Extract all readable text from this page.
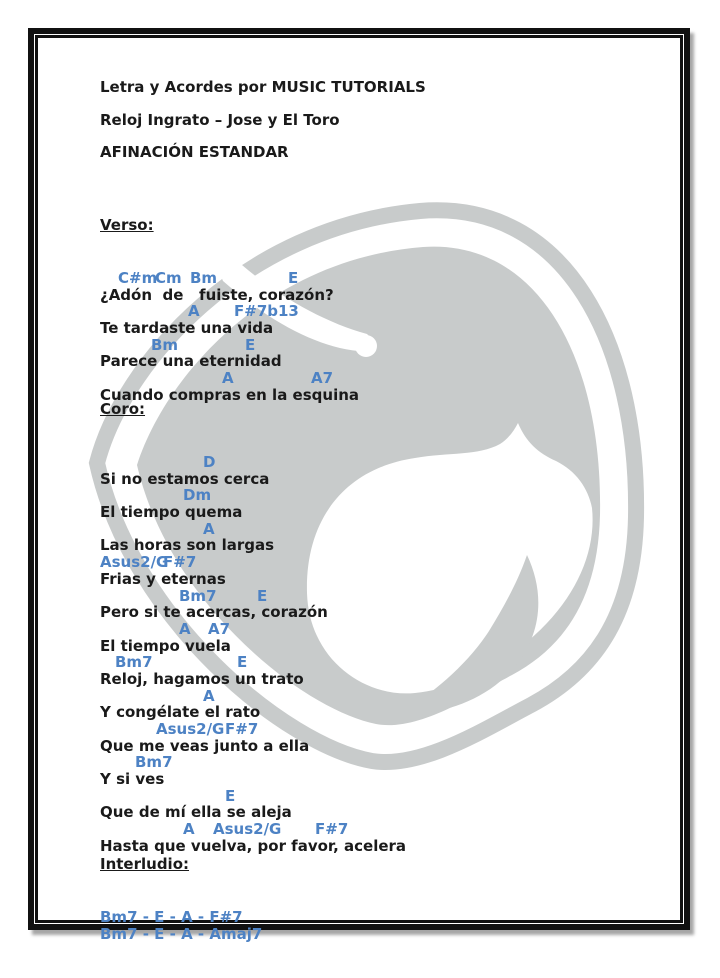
Letra y Acordes por MUSIC TUTORIALS
Reloj Ingrato – Jose y El Toro
AFINACIÓN ESTANDAR

Verso:

C#m
Cm Bm	E
¿Adón  de   fuiste, corazón?
A F#7b13
Te tardaste una vida
Bm	E
Parece una eternidad
A	A7
Cuando compras en la esquina

Coro:

D
Si no estamos cerca
Dm
El tiempo quema
A
Las horas son largas
Asus2/G
F#7
Frias y eternas
Bm7	E
Pero si te acercas, corazón
A A7
El tiempo vuela
Bm7	E
Reloj, hagamos un trato
A
Y congélate el rato
Asus2/G F#7
Que me veas junto a ella
Bm7
Y si ves
E
Que de mí ella se aleja
A Asus2/G F#7
Hasta que vuelva, por favor, acelera

Interludio:

Bm7 - E - A - F#7
Bm7 - E - A - Amaj7
